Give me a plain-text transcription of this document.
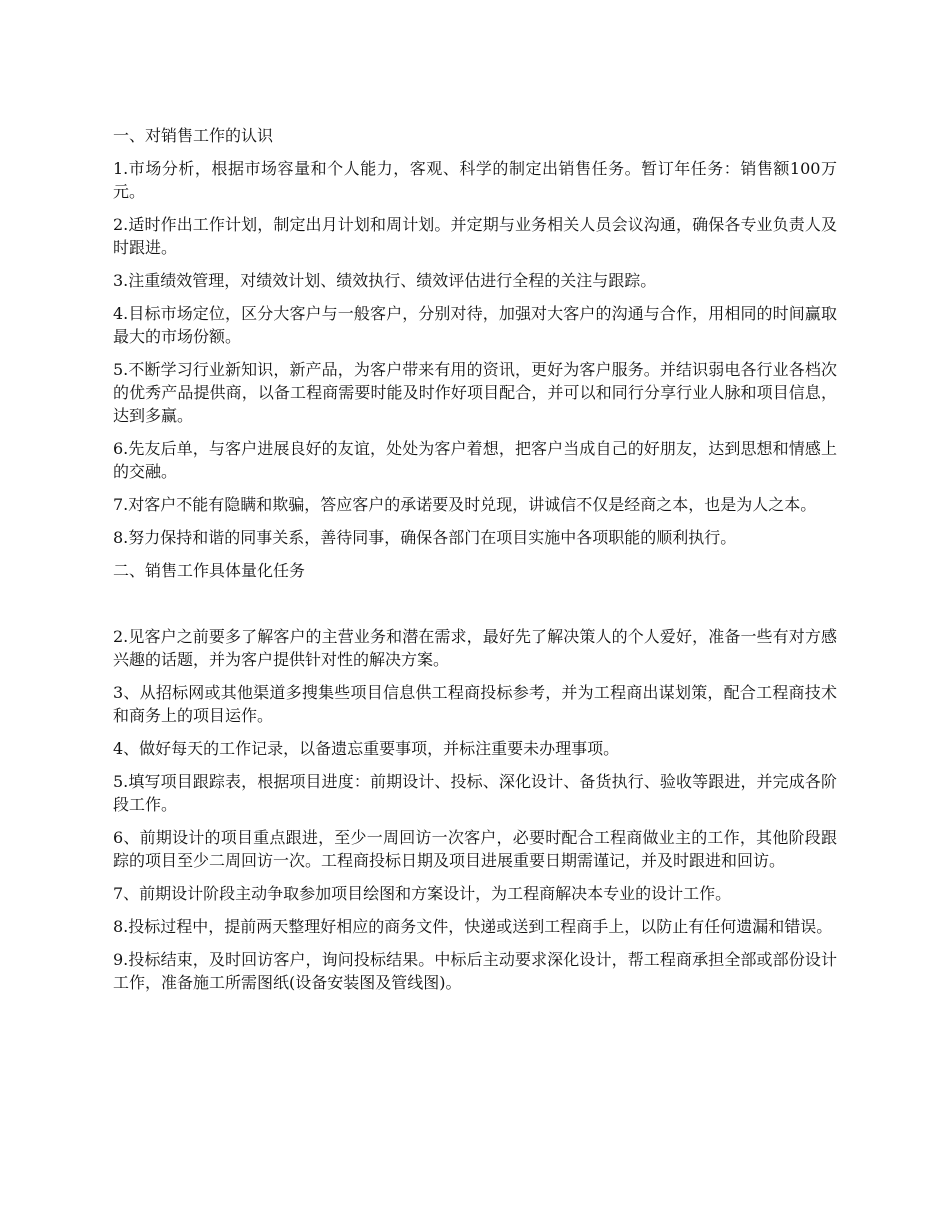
一、对销售工作的认识

1.市场分析，根据市场容量和个人能力，客观、科学的制定出销售任务。暂订年任务：销售额100万元。

2.适时作出工作计划，制定出月计划和周计划。并定期与业务相关人员会议沟通，确保各专业负责人及时跟进。

3.注重绩效管理，对绩效计划、绩效执行、绩效评估进行全程的关注与跟踪。

4.目标市场定位，区分大客户与一般客户，分别对待，加强对大客户的沟通与合作，用相同的时间赢取最大的市场份额。

5.不断学习行业新知识，新产品，为客户带来有用的资讯，更好为客户服务。并结识弱电各行业各档次的优秀产品提供商，以备工程商需要时能及时作好项目配合，并可以和同行分享行业人脉和项目信息，达到多赢。

6.先友后单，与客户进展良好的友谊，处处为客户着想，把客户当成自己的好朋友，达到思想和情感上的交融。

7.对客户不能有隐瞒和欺骗，答应客户的承诺要及时兑现，讲诚信不仅是经商之本，也是为人之本。

8.努力保持和谐的同事关系，善待同事，确保各部门在项目实施中各项职能的顺利执行。

二、销售工作具体量化任务

2.见客户之前要多了解客户的主营业务和潜在需求，最好先了解决策人的个人爱好，准备一些有对方感兴趣的话题，并为客户提供针对性的解决方案。

3、从招标网或其他渠道多搜集些项目信息供工程商投标参考，并为工程商出谋划策，配合工程商技术和商务上的项目运作。

4、做好每天的工作记录，以备遗忘重要事项，并标注重要未办理事项。

5.填写项目跟踪表，根据项目进度：前期设计、投标、深化设计、备货执行、验收等跟进，并完成各阶段工作。

6、前期设计的项目重点跟进，至少一周回访一次客户，必要时配合工程商做业主的工作，其他阶段跟踪的项目至少二周回访一次。工程商投标日期及项目进展重要日期需谨记，并及时跟进和回访。

7、前期设计阶段主动争取参加项目绘图和方案设计，为工程商解决本专业的设计工作。

8.投标过程中，提前两天整理好相应的商务文件，快递或送到工程商手上，以防止有任何遗漏和错误。

9.投标结束，及时回访客户，询问投标结果。中标后主动要求深化设计，帮工程商承担全部或部份设计工作，准备施工所需图纸(设备安装图及管线图)。
